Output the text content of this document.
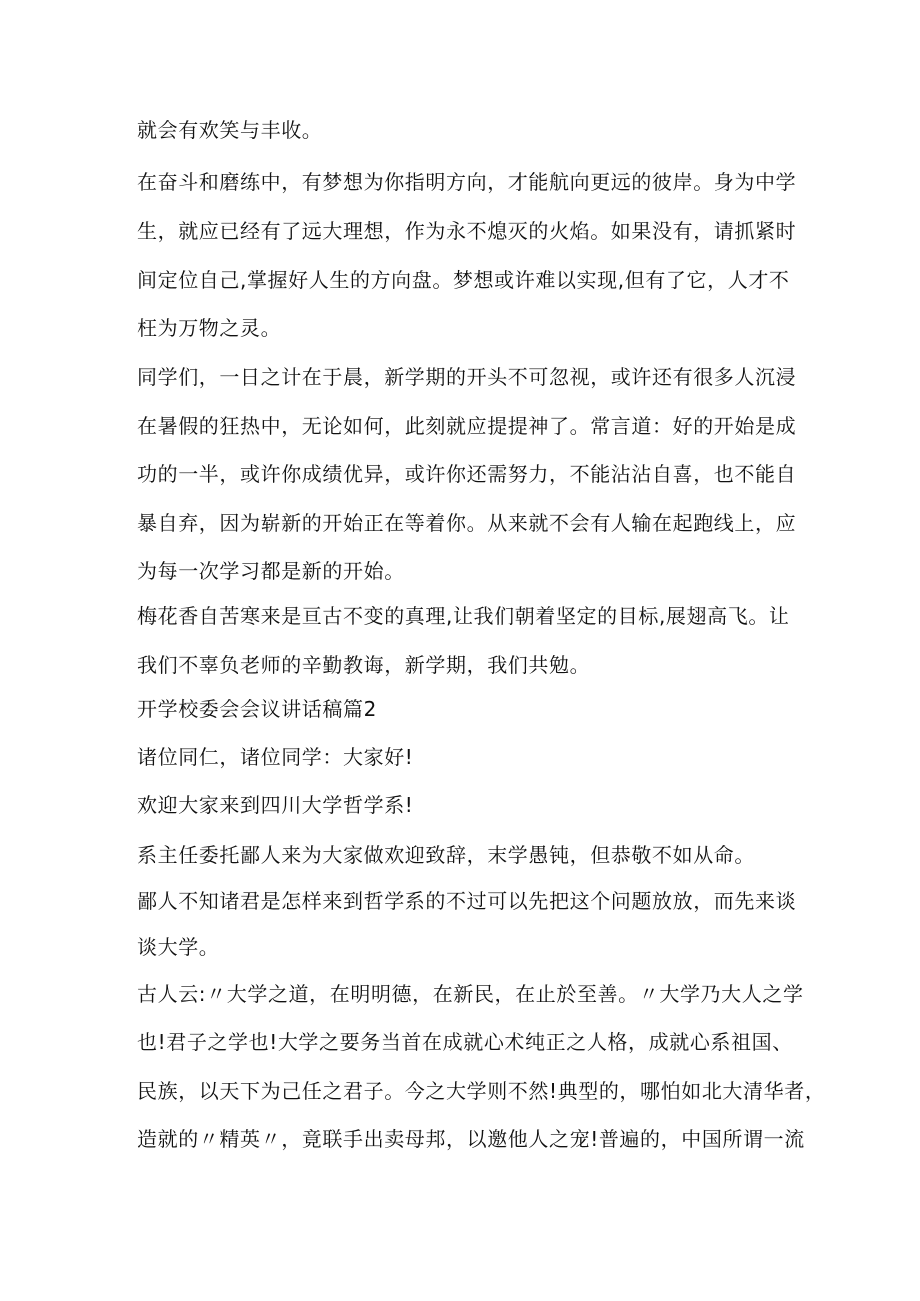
就会有欢笑与丰收。

在奋斗和磨练中，有梦想为你指明方向，才能航向更远的彼岸。身为中学

生，就应已经有了远大理想，作为永不熄灭的火焰。如果没有，请抓紧时

间定位自己,掌握好人生的方向盘。梦想或许难以实现,但有了它，人才不

枉为万物之灵。

同学们，一日之计在于晨，新学期的开头不可忽视，或许还有很多人沉浸

在暑假的狂热中，无论如何，此刻就应提提神了。常言道：好的开始是成

功的一半，或许你成绩优异，或许你还需努力，不能沾沾自喜，也不能自

暴自弃，因为崭新的开始正在等着你。从来就不会有人输在起跑线上，应

为每一次学习都是新的开始。

梅花香自苦寒来是亘古不变的真理,让我们朝着坚定的目标,展翅高飞。让

我们不辜负老师的辛勤教诲，新学期，我们共勉。

开学校委会会议讲话稿篇2

诸位同仁，诸位同学：大家好!

欢迎大家来到四川大学哲学系!

系主任委托鄙人来为大家做欢迎致辞，末学愚钝，但恭敬不如从命。

鄙人不知诸君是怎样来到哲学系的不过可以先把这个问题放放，而先来谈

谈大学。

古人云:〃大学之道，在明明德，在新民，在止於至善。〃大学乃大人之学

也!君子之学也!大学之要务当首在成就心术纯正之人格，成就心系祖国、

民族，以天下为己任之君子。今之大学则不然!典型的，哪怕如北大清华者，

造就的〃精英〃，竟联手出卖母邦，以邀他人之宠!普遍的，中国所谓一流
